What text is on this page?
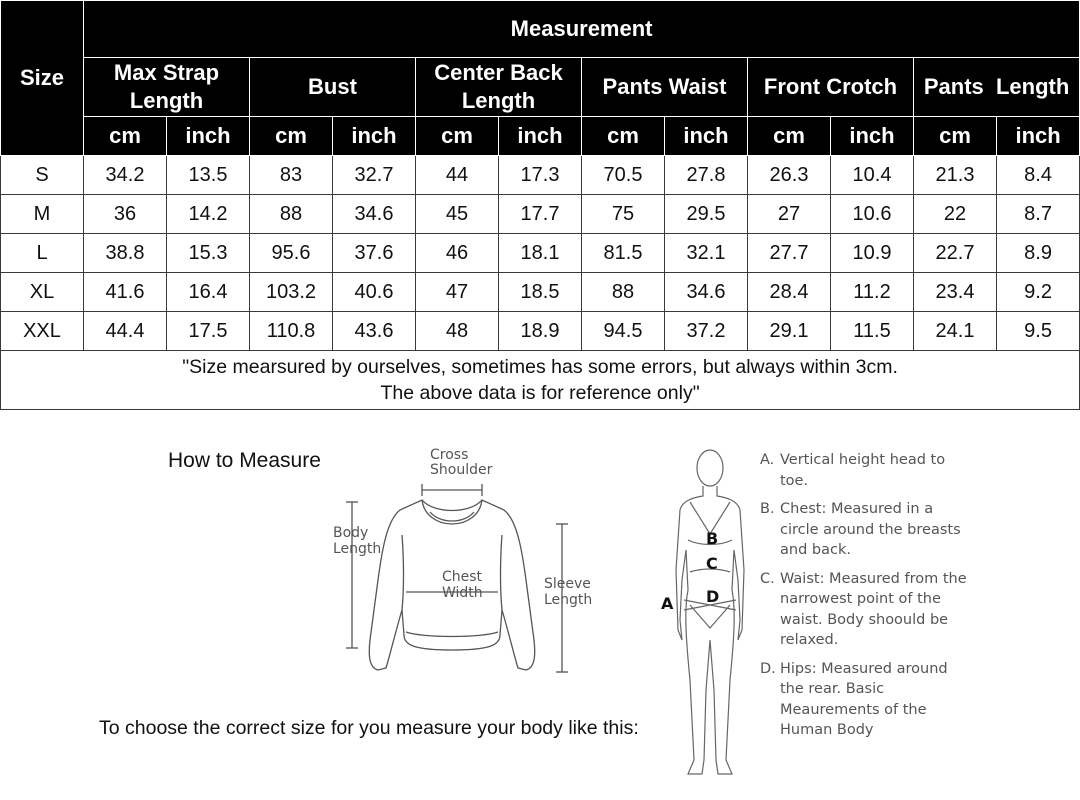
Size	Measurement											
	Max Strap Length		Bust		Center Back Length		Pants Waist		Front Crotch		Pants  Length	
	cm	inch	cm	inch	cm	inch	cm	inch	cm	inch	cm	inch
S	34.2	13.5	83	32.7	44	17.3	70.5	27.8	26.3	10.4	21.3	8.4
M	36	14.2	88	34.6	45	17.7	75	29.5	27	10.6	22	8.7
L	38.8	15.3	95.6	37.6	46	18.1	81.5	32.1	27.7	10.9	22.7	8.9
XL	41.6	16.4	103.2	40.6	47	18.5	88	34.6	28.4	11.2	23.4	9.2
XXL	44.4	17.5	110.8	43.6	48	18.9	94.5	37.2	29.1	11.5	24.1	9.5

"Size mearsured by ourselves, sometimes has some errors, but always within 3cm.
The above data is for reference only"												
How to Measure
To choose the correct size for you measure your body like this:
Cross
Shoulder
Body
Length
Chest
Width
Sleeve
Length
B
C
D
A
A. Vertical height head to toe.
B. Chest: Measured in a circle around the breasts and back.
C. Waist: Measured from the narrowest point of the waist. Body shoould be relaxed.
D. Hips: Measured around the rear. Basic Meaurements of the Human Body
